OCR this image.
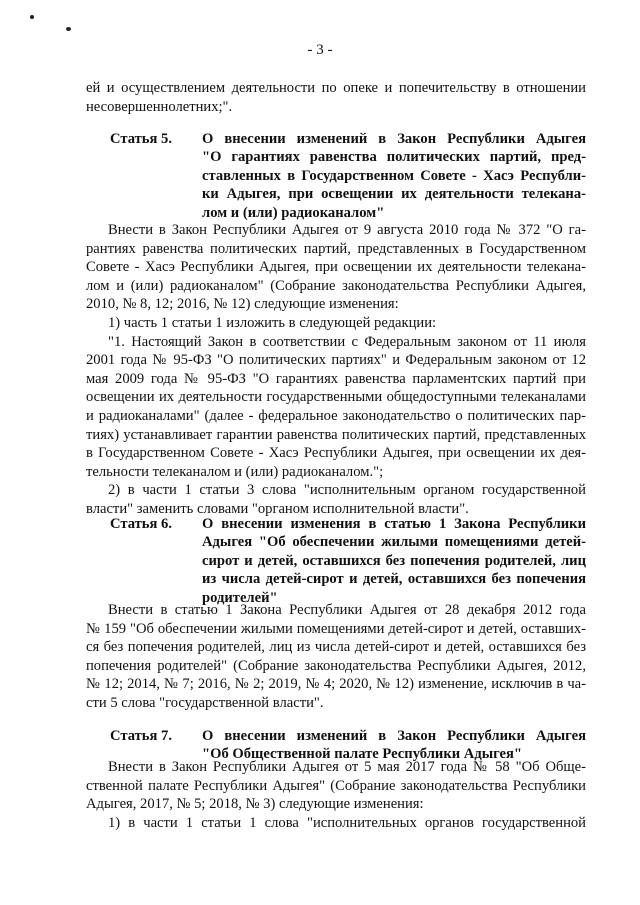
- 3 -
ей и осуществлением деятельности по опеке и попечительству в отношении
несовершеннолетних;".
Статья 5. О внесении изменений в Закон Республики Адыгея
"О гарантиях равенства политических партий, пред-
ставленных в Государственном Совете - Хасэ Республи-
ки Адыгея, при освещении их деятельности телекана-
лом и (или) радиоканалом"
Внести в Закон Республики Адыгея от 9 августа 2010 года № 372 "О га-
рантиях равенства политических партий, представленных в Государственном
Совете - Хасэ Республики Адыгея, при освещении их деятельности телекана-
лом и (или) радиоканалом" (Собрание законодательства Республики Адыгея,
2010, № 8, 12; 2016, № 12) следующие изменения:
1) часть 1 статьи 1 изложить в следующей редакции:
"1. Настоящий Закон в соответствии с Федеральным законом от 11 июля
2001 года № 95-ФЗ "О политических партиях" и Федеральным законом от 12
мая 2009 года № 95-ФЗ "О гарантиях равенства парламентских партий при
освещении их деятельности государственными общедоступными телеканалами
и радиоканалами" (далее - федеральное законодательство о политических пар-
тиях) устанавливает гарантии равенства политических партий, представленных
в Государственном Совете - Хасэ Республики Адыгея, при освещении их дея-
тельности телеканалом и (или) радиоканалом.";
2) в части 1 статьи 3 слова "исполнительным органом государственной
власти" заменить словами "органом исполнительной власти".
Статья 6. О внесении изменения в статью 1 Закона Республики
Адыгея "Об обеспечении жилыми помещениями детей-
сирот и детей, оставшихся без попечения родителей, лиц
из числа детей-сирот и детей, оставшихся без попечения
родителей"
Внести в статью 1 Закона Республики Адыгея от 28 декабря 2012 года
№ 159 "Об обеспечении жилыми помещениями детей-сирот и детей, оставших-
ся без попечения родителей, лиц из числа детей-сирот и детей, оставшихся без
попечения родителей" (Собрание законодательства Республики Адыгея, 2012,
№ 12; 2014, № 7; 2016, № 2; 2019, № 4; 2020, № 12) изменение, исключив в ча-
сти 5 слова "государственной власти".
Статья 7. О внесении изменений в Закон Республики Адыгея
"Об Общественной палате Республики Адыгея"
Внести в Закон Республики Адыгея от 5 мая 2017 года № 58 "Об Обще-
ственной палате Республики Адыгея" (Собрание законодательства Республики
Адыгея, 2017, № 5; 2018, № 3) следующие изменения:
1) в части 1 статьи 1 слова "исполнительных органов государственной
